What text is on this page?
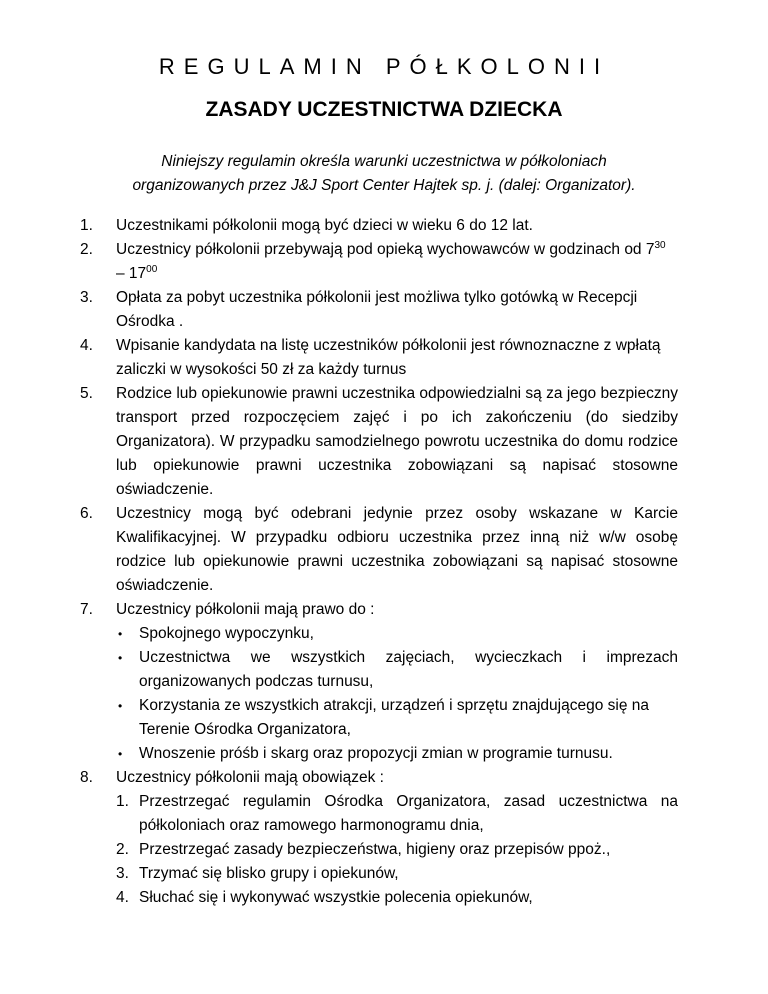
REGULAMIN PÓŁKOLONII
ZASADY UCZESTNICTWA DZIECKA

Niniejszy regulamin określa warunki uczestnictwa w półkoloniach

organizowanych przez J&J Sport Center Hajtek sp. j. (dalej: Organizator).

1. Uczestnikami półkolonii mogą być dzieci w wieku 6 do 12 lat.
2. Uczestnicy półkolonii przebywają pod opieką wychowawców w godzinach od $7^{30} - 17^{00}$
3. Opłata za pobyt uczestnika półkolonii jest możliwa tylko gotówką w Recepcji Ośrodka .
4. Wpisanie kandydata na listę uczestników półkolonii jest równoznaczne z wpłatą zaliczki w wysokości 50 zł za każdy turnus
5. Rodzice lub opiekunowie prawni uczestnika odpowiedzialni są za jego bezpieczny transport przed rozpoczęciem zajęć i po ich zakończeniu (do siedziby Organizatora). W przypadku samodzielnego powrotu uczestnika do domu rodzice lub opiekunowie prawni uczestnika zobowiązani są napisać stosowne oświadczenie.
6. Uczestnicy mogą być odebrani jedynie przez osoby wskazane w Karcie Kwalifikacyjnej. W przypadku odbioru uczestnika przez inną niż w/w osobę rodzice lub opiekunowie prawni uczestnika zobowiązani są napisać stosowne oświadczenie.
7. Uczestnicy półkolonii mają prawo do :
• Spokojnego wypoczynku,
• Uczestnictwa we wszystkich zajęciach, wycieczkach i imprezach organizowanych podczas turnusu,
• Korzystania ze wszystkich atrakcji, urządzeń i sprzętu znajdującego się na Terenie Ośrodka Organizatora,
• Wnoszenie próśb i skarg oraz propozycji zmian w programie turnusu.
8. Uczestnicy półkolonii mają obowiązek :
1. Przestrzegać regulamin Ośrodka Organizatora, zasad uczestnictwa na półkoloniach oraz ramowego harmonogramu dnia,
2. Przestrzegać zasady bezpieczeństwa, higieny oraz przepisów ppoż.,
3. Trzymać się blisko grupy i opiekunów,
4. Słuchać się i wykonywać wszystkie polecenia opiekunów,
